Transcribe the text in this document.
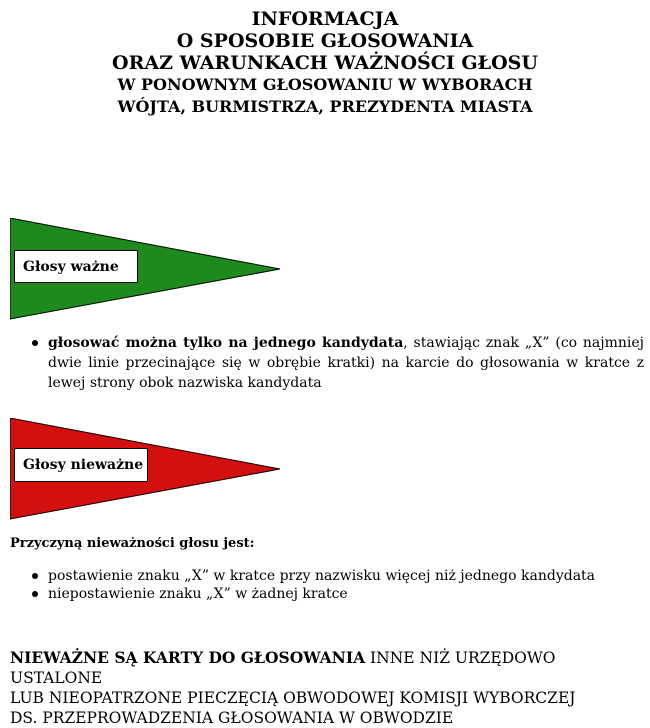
INFORMACJA
O SPOSOBIE GŁOSOWANIA
ORAZ WARUNKACH WAŻNOŚCI GŁOSU
W PONOWNYM GŁOSOWANIU W WYBORACH
WÓJTA, BURMISTRZA, PREZYDENTA MIASTA
Głosy ważne
głosować można tylko na jednego kandydata, stawiając znak „X” (co najmniej dwie linie przecinające się w obrębie kratki) na karcie do głosowania w kratce z lewej strony obok nazwiska kandydata
Głosy nieważne
Przyczyną nieważności głosu jest:
postawienie znaku „X” w kratce przy nazwisku więcej niż jednego kandydata
niepostawienie znaku „X” w żadnej kratce
NIEWAŻNE SĄ KARTY DO GŁOSOWANIA INNE NIŻ URZĘDOWO USTALONE
LUB NIEOPATRZONE PIECZĘCIĄ OBWODOWEJ KOMISJI WYBORCZEJ
DS. PRZEPROWADZENIA GŁOSOWANIA W OBWODZIE
